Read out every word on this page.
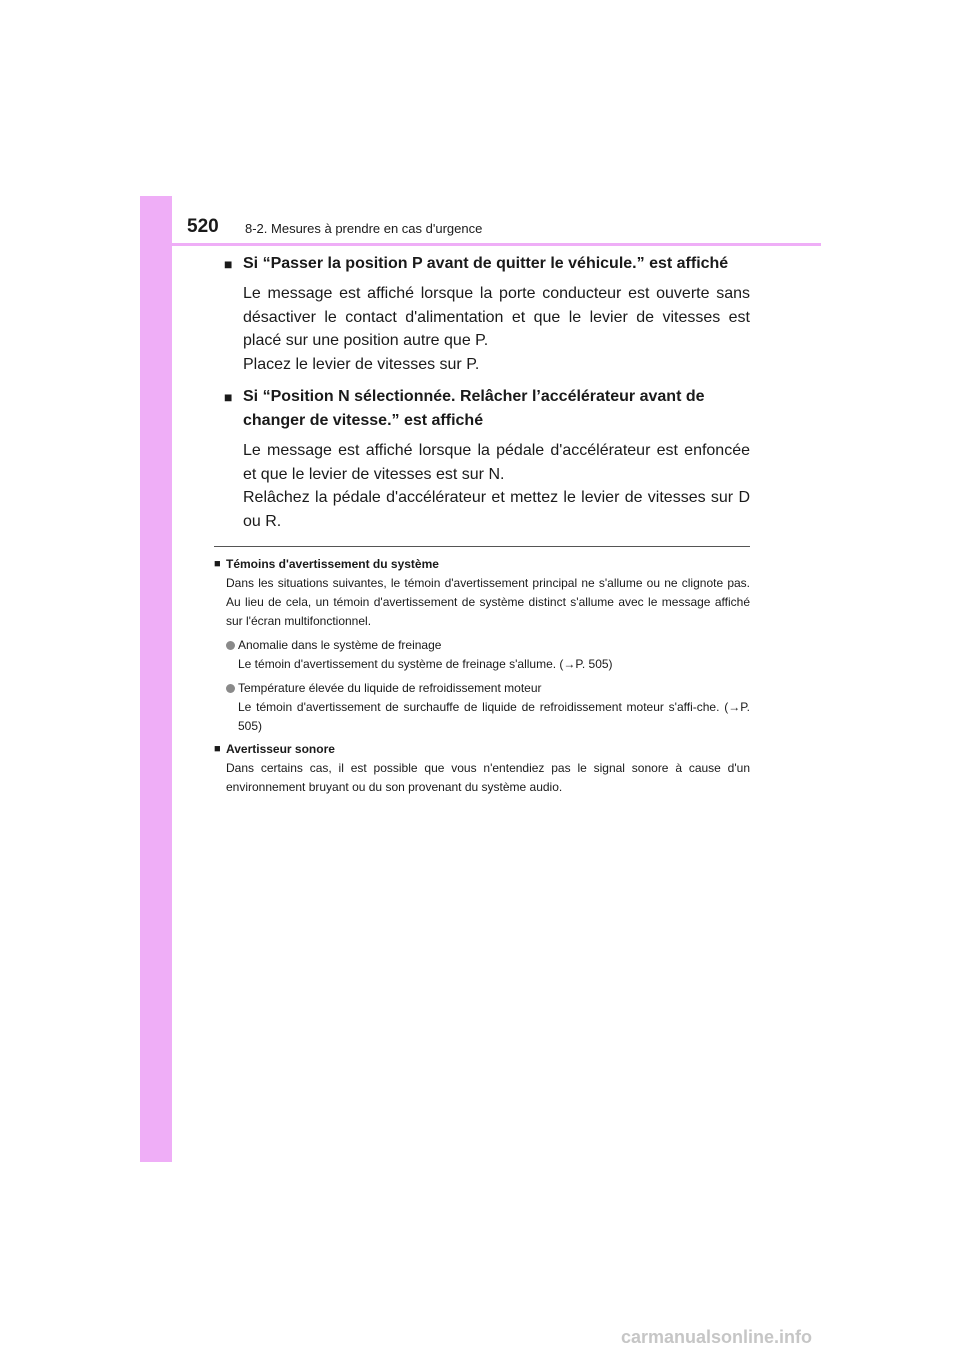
520 8-2. Mesures à prendre en cas d'urgence
■ Si “Passer la position P avant de quitter le véhicule.” est affiché
Le message est affiché lorsque la porte conducteur est ouverte sans désactiver le contact d'alimentation et que le levier de vitesses est placé sur une position autre que P.
Placez le levier de vitesses sur P.
■ Si “Position N sélectionnée. Relâcher l’accélérateur avant de changer de vitesse.” est affiché
Le message est affiché lorsque la pédale d'accélérateur est enfoncée et que le levier de vitesses est sur N.
Relâchez la pédale d'accélérateur et mettez le levier de vitesses sur D ou R.
■ Témoins d'avertissement du système
Dans les situations suivantes, le témoin d'avertissement principal ne s'allume ou ne clignote pas. Au lieu de cela, un témoin d'avertissement de système distinct s'allume avec le message affiché sur l'écran multifonctionnel.
Anomalie dans le système de freinage
Le témoin d'avertissement du système de freinage s'allume. (→P. 505)
Température élevée du liquide de refroidissement moteur
Le témoin d'avertissement de surchauffe de liquide de refroidissement moteur s'affi-che. (→P. 505)
■ Avertisseur sonore
Dans certains cas, il est possible que vous n'entendiez pas le signal sonore à cause d'un environnement bruyant ou du son provenant du système audio.
carmanualsonline.info
